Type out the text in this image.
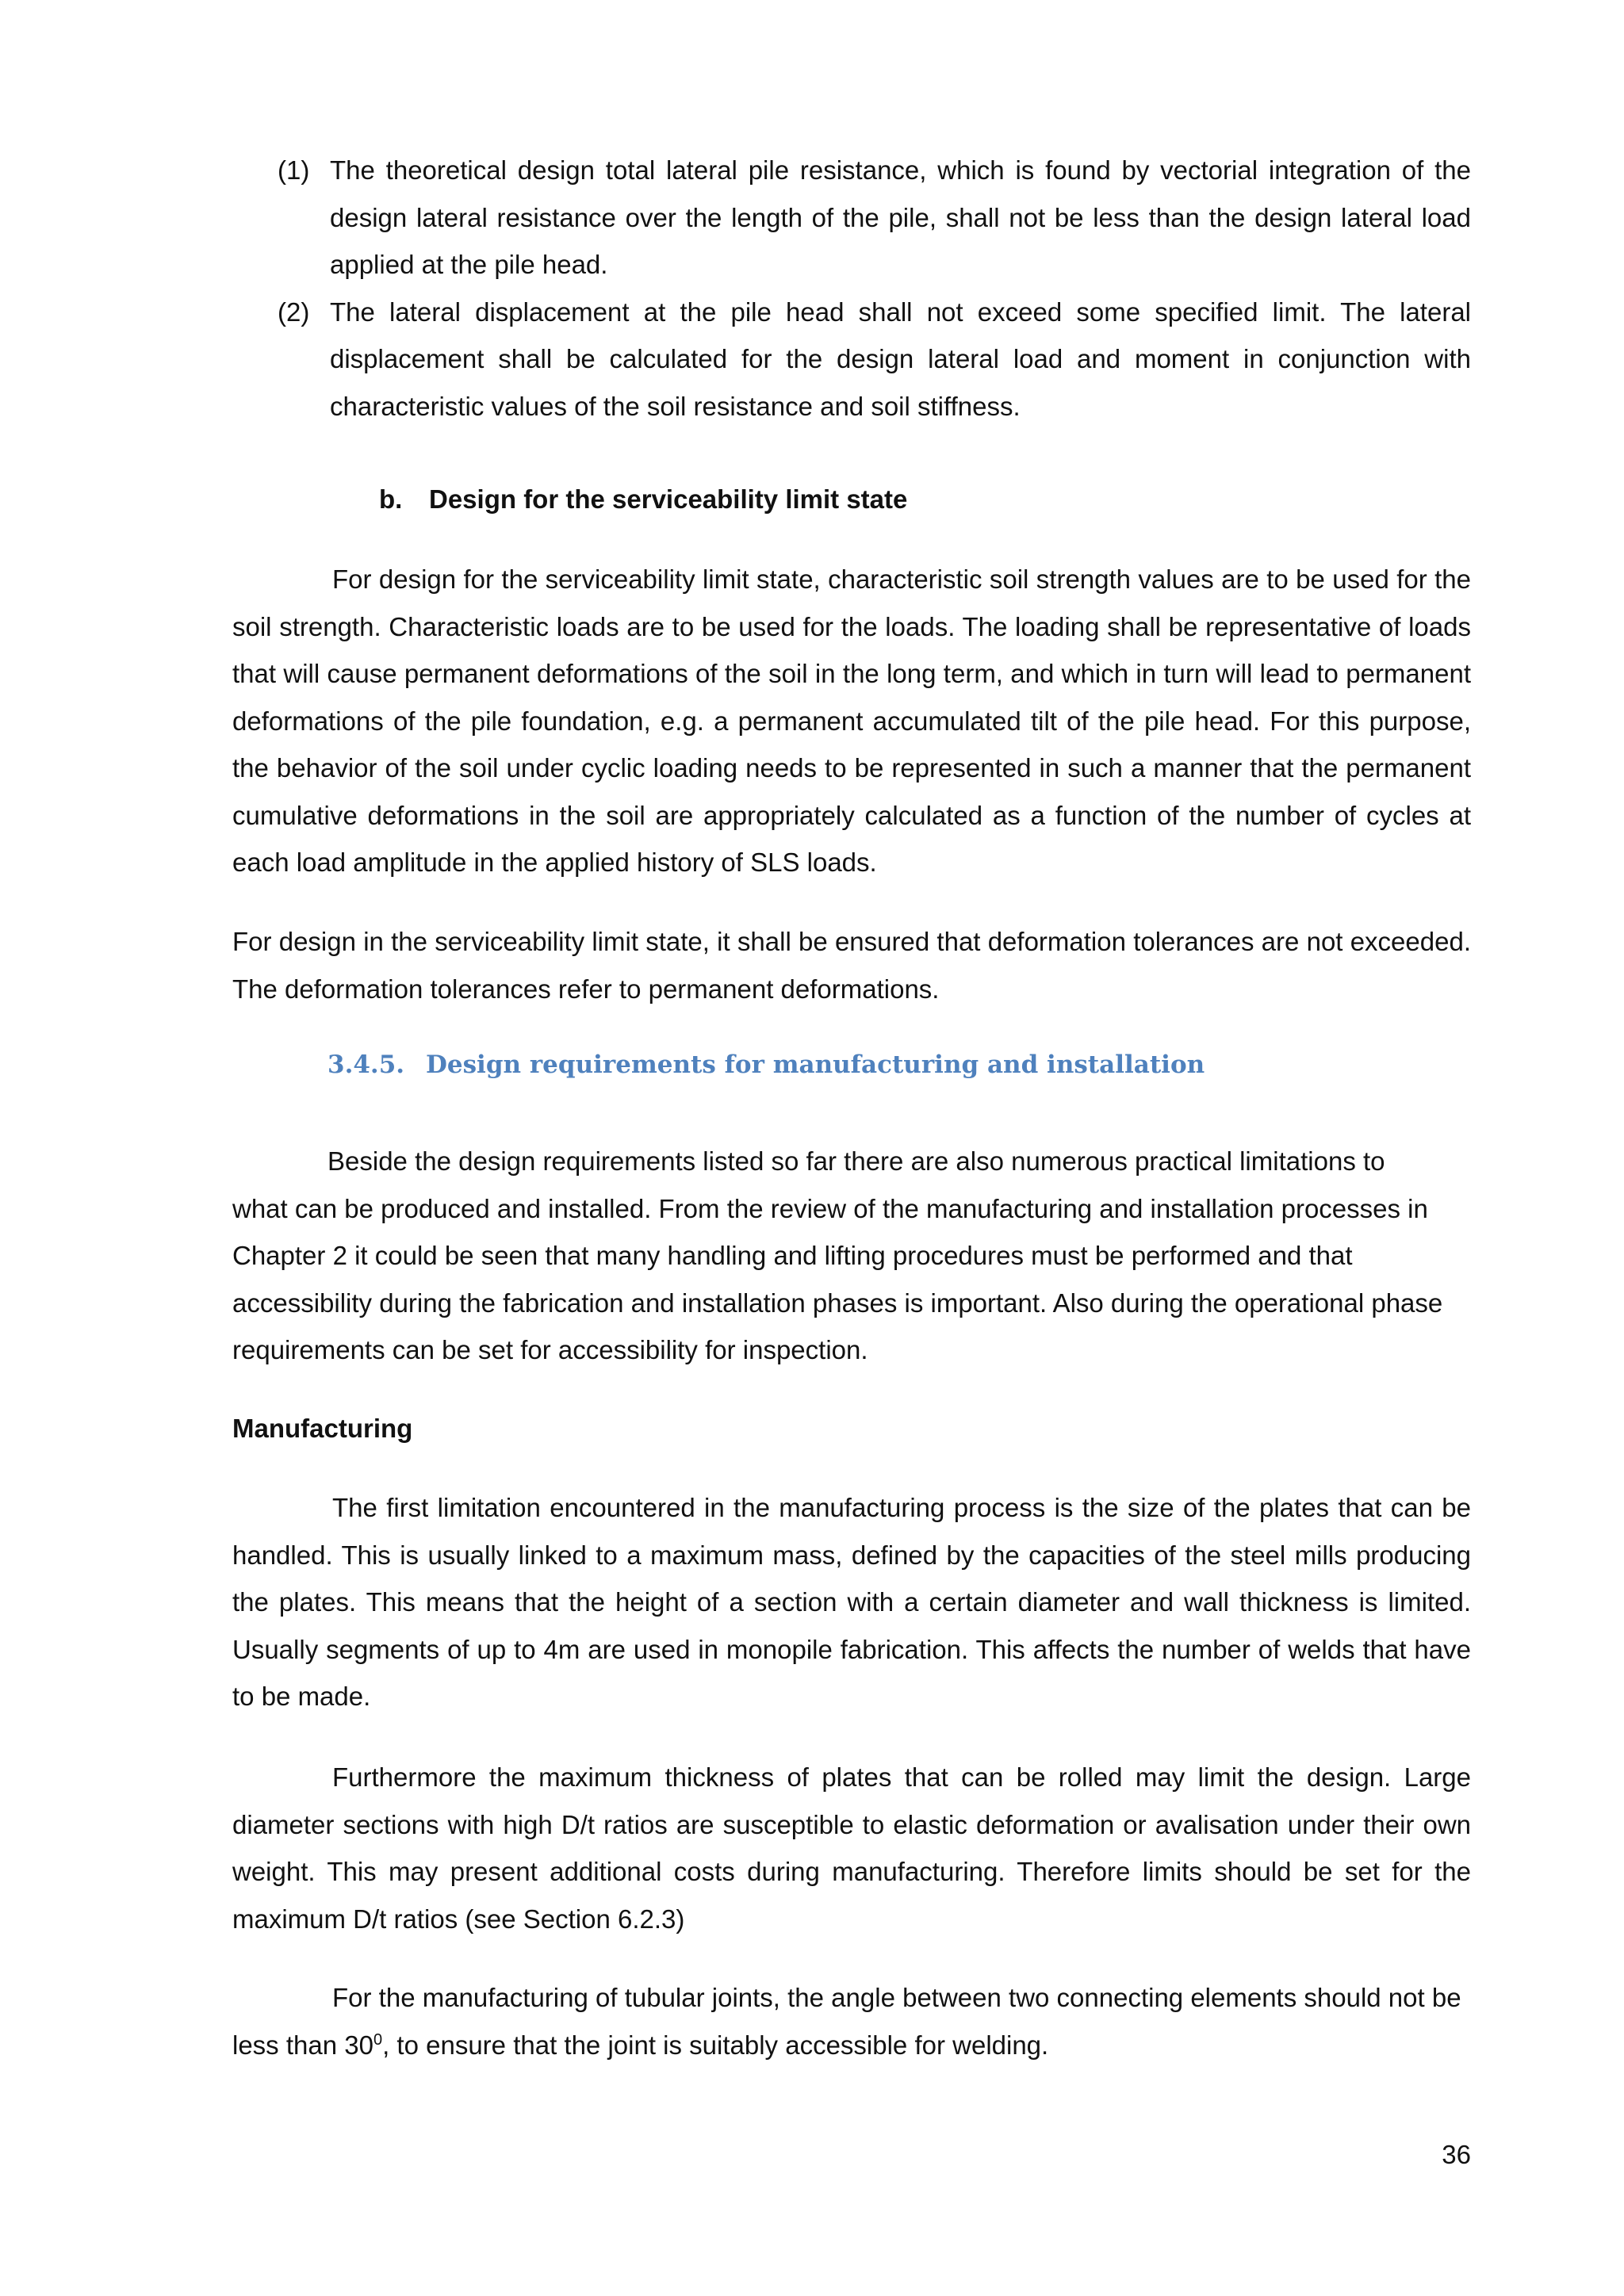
(1) The theoretical design total lateral pile resistance, which is found by vectorial integration of the design lateral resistance over the length of the pile, shall not be less than the design lateral load applied at the pile head.
(2) The lateral displacement at the pile head shall not exceed some specified limit. The lateral displacement shall be calculated for the design lateral load and moment in conjunction with characteristic values of the soil resistance and soil stiffness.
b. Design for the serviceability limit state

For design for the serviceability limit state, characteristic soil strength values are to be used for the soil strength. Characteristic loads are to be used for the loads. The loading shall be representative of loads that will cause permanent deformations of the soil in the long term, and which in turn will lead to permanent deformations of the pile foundation, e.g. a permanent accumulated tilt of the pile head. For this purpose, the behavior of the soil under cyclic loading needs to be represented in such a manner that the permanent cumulative deformations in the soil are appropriately calculated as a function of the number of cycles at each load amplitude in the applied history of SLS loads.

For design in the serviceability limit state, it shall be ensured that deformation tolerances are not exceeded. The deformation tolerances refer to permanent deformations.

3.4.5. Design requirements for manufacturing and installation

Beside the design requirements listed so far there are also numerous practical limitations to what can be produced and installed. From the review of the manufacturing and installation processes in Chapter 2 it could be seen that many handling and lifting procedures must be performed and that accessibility during the fabrication and installation phases is important. Also during the operational phase requirements can be set for accessibility for inspection.

Manufacturing

The first limitation encountered in the manufacturing process is the size of the plates that can be handled. This is usually linked to a maximum mass, defined by the capacities of the steel mills producing the plates. This means that the height of a section with a certain diameter and wall thickness is limited. Usually segments of up to 4m are used in monopile fabrication. This affects the number of welds that have to be made.

Furthermore the maximum thickness of plates that can be rolled may limit the design. Large diameter sections with high D/t ratios are susceptible to elastic deformation or avalisation under their own weight. This may present additional costs during manufacturing. Therefore limits should be set for the maximum D/t ratios (see Section 6.2.3)

For the manufacturing of tubular joints, the angle between two connecting elements should not be less than $30^0$, to ensure that the joint is suitably accessible for welding.

36
